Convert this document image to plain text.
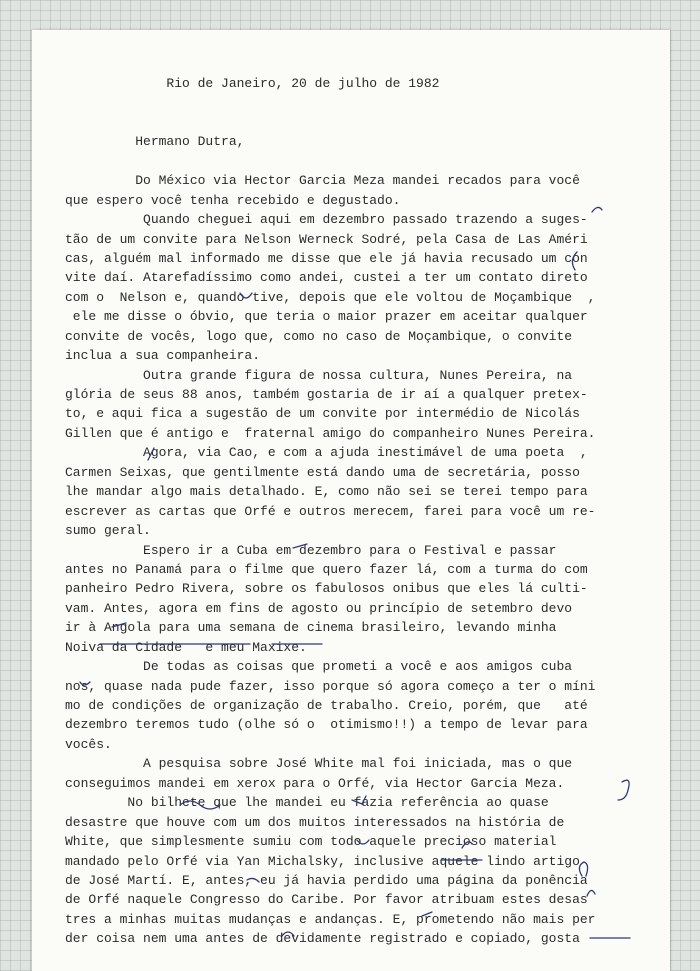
Rio de Janeiro, 20 de julho de 1982
Hermano Dutra,
Do México via Hector Garcia Meza mandei recados para você
que espero você tenha recebido e degustado.
Quando cheguei aqui em dezembro passado trazendo a suges-
tão de um convite para Nelson Werneck Sodré, pela Casa de Las Améri
cas, alguém mal informado me disse que ele já havia recusado um con
vite daí. Atarefadíssimo como andei, custei a ter um contato direto
com o  Nelson e, quando tive, depois que ele voltou de Moçambique  ,
ele me disse o óbvio, que teria o maior prazer em aceitar qualquer
convite de vocês, logo que, como no caso de Moçambique, o convite
inclua a sua companheira.
Outra grande figura de nossa cultura, Nunes Pereira, na
glória de seus 88 anos, também gostaria de ir aí a qualquer pretex-
to, e aqui fica a sugestão de um convite por intermédio de Nicolás
Gillen que é antigo e  fraternal amigo do companheiro Nunes Pereira.
Agora, via Cao, e com a ajuda inestimável de uma poeta  ,
Carmen Seixas, que gentilmente está dando uma de secretária, posso
lhe mandar algo mais detalhado. E, como não sei se terei tempo para
escrever as cartas que Orfé e outros merecem, farei para você um re-
sumo geral.
Espero ir a Cuba em dezembro para o Festival e passar
antes no Panamá para o filme que quero fazer lá, com a turma do com
panheiro Pedro Rivera, sobre os fabulosos onibus que eles lá culti-
vam. Antes, agora em fins de agosto ou princípio de setembro devo
ir à Angola para uma semana de cinema brasileiro, levando minha
Noiva da Cidade   e meu Maxixe.
De todas as coisas que prometi a você e aos amigos cuba
nos, quase nada pude fazer, isso porque só agora começo a ter o míni
mo de condições de organização de trabalho. Creio, porém, que   até
dezembro teremos tudo (olhe só o  otimismo!!) a tempo de levar para
vocês.
A pesquisa sobre José White mal foi iniciada, mas o que
conseguimos mandei em xerox para o Orfé, via Hector Garcia Meza.
No bilhete que lhe mandei eu fazia referência ao quase
desastre que houve com um dos muitos interessados na história de
White, que simplesmente sumiu com todo aquele precioso material
mandado pelo Orfé via Yan Michalsky, inclusive aquele lindo artigo
de José Martí. E, antes, eu já havia perdido uma página da ponência
de Orfé naquele Congresso do Caribe. Por favor atribuam estes desas
tres a minhas muitas mudanças e andanças. E, prometendo não mais per
der coisa nem uma antes de devidamente registrado e copiado, gosta
